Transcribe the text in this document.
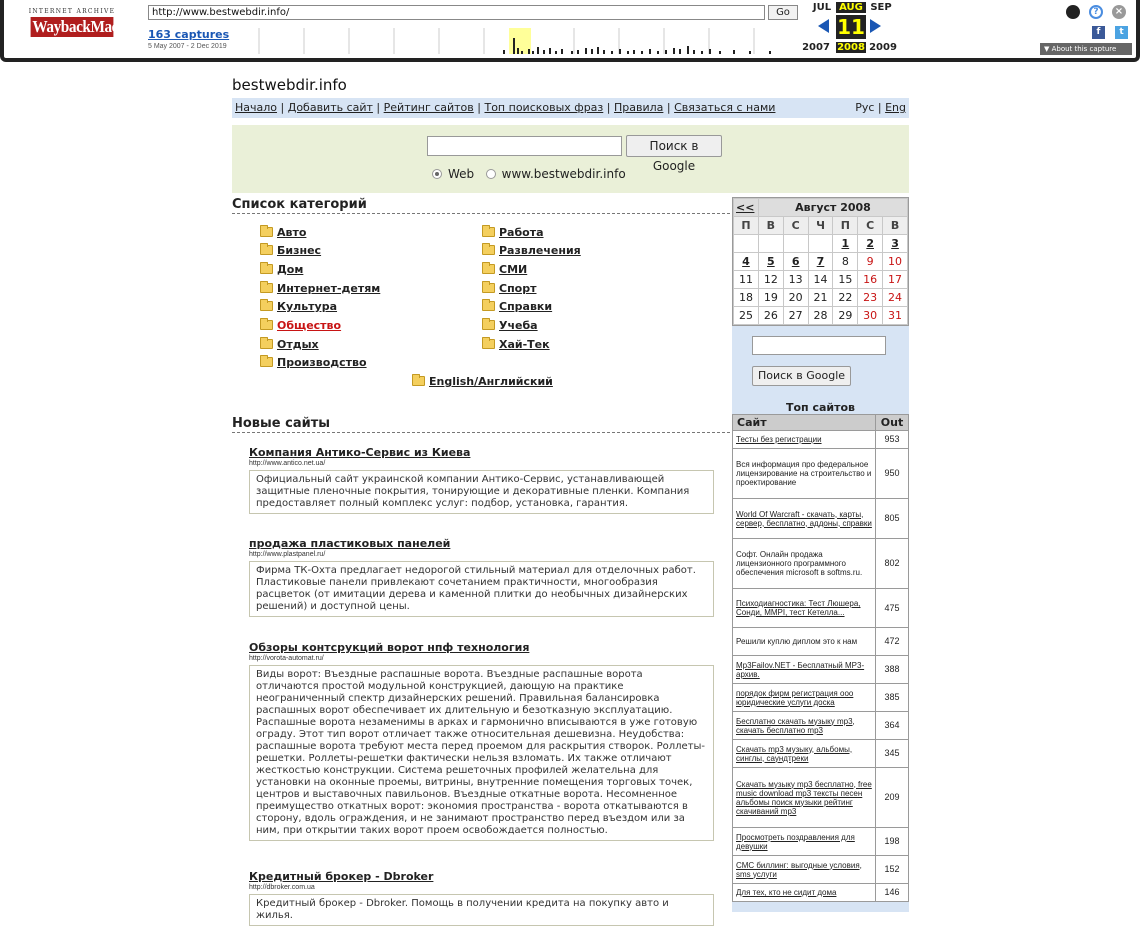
INTERNET ARCHIVE
WaybackMachine
http://www.bestwebdir.info/	Go
163 captures
5 May 2007 - 2 Dec 2019
JUL AUG SEP
11
2007 2008 2009
?	×
f	t
▼ About this capture
bestwebdir.info
Начало | Добавить сайт | Рейтинг сайтов | Топ поисковых фраз | Правила | Связаться с нами	Рус | Eng
Поиск в Google
Web www.bestwebdir.info
Список категорий
Авто
Бизнес
Дом
Интернет-детям
Культура
Общество
Отдых
Производство
Работа
Развлечения
СМИ
Спорт
Справки
Учеба
Хай-Тек
English/Английский
Новые сайты
Компания Антико-Сервис из Киева
http://www.antico.net.ua/
Официальный сайт украинской компании Антико-Сервис, устанавливающей защитные пленочные покрытия, тонирующие и декоративные пленки. Компания предоставляет полный комплекс услуг: подбор, установка, гарантия.
продажа пластиковых панелей
http://www.plastpanel.ru/
Фирма ТК-Охта предлагает недорогой стильный материал для отделочных работ. Пластиковые панели привлекают сочетанием практичности, многообразия расцветок (от имитации дерева и каменной плитки до необычных дизайнерских решений) и доступной цены.
Обзоры контсрукций ворот нпф технология
http://vorota-automat.ru/
Виды ворот: Въездные распашные ворота. Въездные распашные ворота отличаются простой модульной конструкцией, дающую на практике неограниченный спектр дизайнерских решений. Правильная балансировка распашных ворот обеспечивает их длительную и безотказную эксплуатацию. Распашные ворота незаменимы в арках и гармонично вписываются в уже готовую ограду. Этот тип ворот отличает также относительная дешевизна. Неудобства: распашные ворота требуют места перед проемом для раскрытия створок. Роллеты-решетки. Роллеты-решетки фактически нельзя взломать. Их также отличают жесткостью конструкции. Система решеточных профилей желательна для установки на оконные проемы, витрины, внутренние помещения торговых точек, центров и выставочных павильонов. Въездные откатные ворота. Несомненное преимущество откатных ворот: экономия пространства - ворота откатываются в сторону, вдоль ограждения, и не занимают пространство перед въездом или за ним, при открытии таких ворот проем освобождается полностью.
Кредитный брокер - Dbroker
http://dbroker.com.ua
Кредитный брокер - Dbroker. Помощь в получении кредита на покупку авто и жилья.
<<	Август 2008					
П	В	С	Ч	П	С	В
				1	2	3
4	5	6	7	8	9	10
11	12	13	14	15	16	17
18	19	20	21	22	23	24
25	26	27	28	29	30	31
Поиск в Google
Топ сайтов
Сайт	Out
Тесты без регистрации	953
Вся информация про федеральное лицензирование на строительство и проектирование	950
World Of Warcraft - скачать, карты, сервер, бесплатно, аддоны, справки	805
Софт. Онлайн продажа лицензионного программного обеспечения microsoft в softms.ru.	802
Психодиагностика: Тест Люшера, Сонди, ММPI, тест Кетелла...	475
Решили куплю диплом это к нам	472
Mp3Failov.NET - Бесплатный MP3-архив.	388
порядок фирм регистрация ооо юридические услуги доска	385
Бесплатно скачать музыку mp3, скачать бесплатно mp3	364
Скачать mp3 музыку, альбомы, синглы, саундтреки	345
Скачать музыку mp3 бесплатно, free music download mp3 тексты песен альбомы поиск музыки рейтинг скачиваний mp3	209
Просмотреть поздравления для девушки	198
СМС биллинг: выгодные условия, sms услуги	152
Для тех, кто не сидит дома	146
